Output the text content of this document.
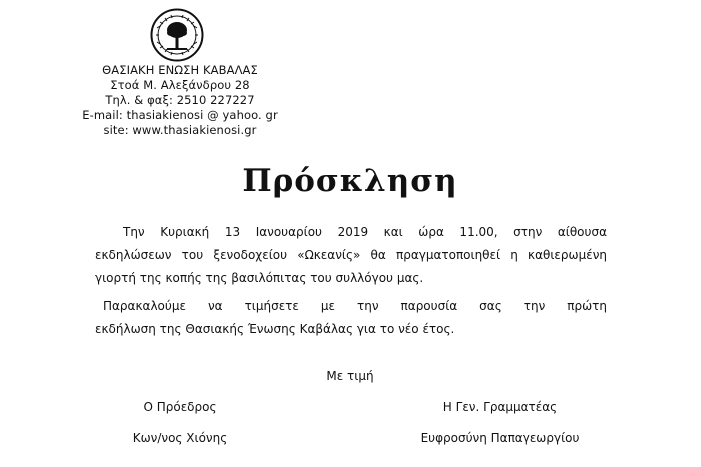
ΘΑΣΙΑΚΗ ΕΝΩΣΗ ΚΑΒΑΛΑΣ
Στοά Μ. Αλεξάνδρου 28
Τηλ. & φαξ: 2510 227227
E-mail: thasiakienosi @ yahoo. gr
site: www.thasiakienosi.gr
Πρόσκληση
Την Κυριακή 13 Ιανουαρίου 2019 και ώρα 11.00, στην αίθουσα
εκδηλώσεων του ξενοδοχείου «Ωκεανίς» θα πραγματοποιηθεί η καθιερωμένη
γιορτή της κοπής της βασιλόπιτας του συλλόγου μας.
Παρακαλούμε να τιμήσετε με την παρουσία σας την πρώτη
εκδήλωση της Θασιακής Ένωσης Καβάλας για το νέο έτος.
Με τιμή
Ο Πρόεδρος
Κων/νος Χιόνης
Η Γεν. Γραμματέας
Ευφροσύνη Παπαγεωργίου
